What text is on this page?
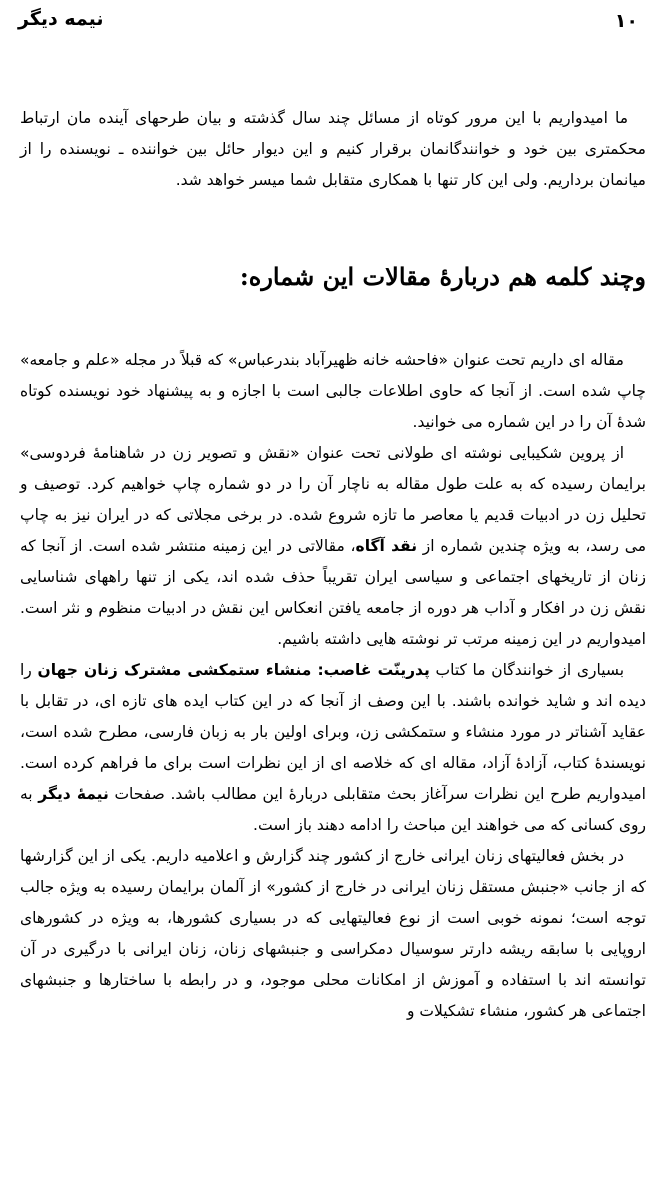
۱۰
نیمه دیگر

ما امیدواریم با این مرور کوتاه از مسائل چند سال گذشته و بیان طرحهای آینده مان ارتباط محکمتری بین خود و خوانندگانمان برقرار کنیم و این دیوار حائل بین خواننده ـ نویسنده را از میانمان برداریم. ولی این کار تنها با همکاری متقابل شما میسر خواهد شد.

وچند کلمه هم دربارهٔ مقالات این شماره:

مقاله ای داریم تحت عنوان «فاحشه خانه ظهیرآباد بندرعباس» که قبلاً در مجله «علم و جامعه» چاپ شده است. از آنجا که حاوی اطلاعات جالبی است با اجازه و به پیشنهاد خود نویسنده کوتاه شدهٔ آن را در این شماره می خوانید.

از پروین شکیبایی نوشته ای طولانی تحت عنوان «نقش و تصویر زن در شاهنامهٔ فردوسی» برایمان رسیده که به علت طول مقاله به ناچار آن را در دو شماره چاپ خواهیم کرد. توصیف و تحلیل زن در ادبیات قدیم یا معاصر ما تازه شروع شده. در برخی مجلاتی که در ایران نیز به چاپ می رسد، به ویژه چندین شماره از نقد آگاه، مقالاتی در این زمینه منتشر شده است. از آنجا که زنان از تاریخهای اجتماعی و سیاسی ایران تقریباً حذف شده اند، یکی از تنها راههای شناسایی نقش زن در افکار و آداب هر دوره از جامعه یافتن انعکاس این نقش در ادبیات منظوم و نثر است. امیدواریم در این زمینه مرتب تر نوشته هایی داشته باشیم.

بسیاری از خوانندگان ما کتاب پدرینّت غاصب: منشاء ستمکشی مشترک زنان جهان را دیده اند و شاید خوانده باشند. با این وصف از آنجا که در این کتاب ایده های تازه ای، در تقابل با عقاید آشناتر در مورد منشاء و ستمکشی زن، وبرای اولین بار به زبان فارسی، مطرح شده است، نویسندهٔ کتاب، آزادهٔ آزاد، مقاله ای که خلاصه ای از این نظرات است برای ما فراهم کرده است. امیدواریم طرح این نظرات سرآغاز بحث متقابلی دربارهٔ این مطالب باشد. صفحات نیمهٔ دیگر به روی کسانی که می خواهند این مباحث را ادامه دهند باز است.

در بخش فعالیتهای زنان ایرانی خارج از کشور چند گزارش و اعلامیه داریم. یکی از این گزارشها که از جانب «جنبش مستقل زنان ایرانی در خارج از کشور» از آلمان برایمان رسیده به ویژه جالب توجه است؛ نمونه خوبی است از نوع فعالیتهایی که در بسیاری کشورها، به ویژه در کشورهای اروپایی با سابقه ریشه دارتر سوسیال دمکراسی و جنبشهای زنان، زنان ایرانی با درگیری در آن توانسته اند با استفاده و آموزش از امکانات محلی موجود، و در رابطه با ساختارها و جنبشهای اجتماعی هر کشور، منشاء تشکیلات و
